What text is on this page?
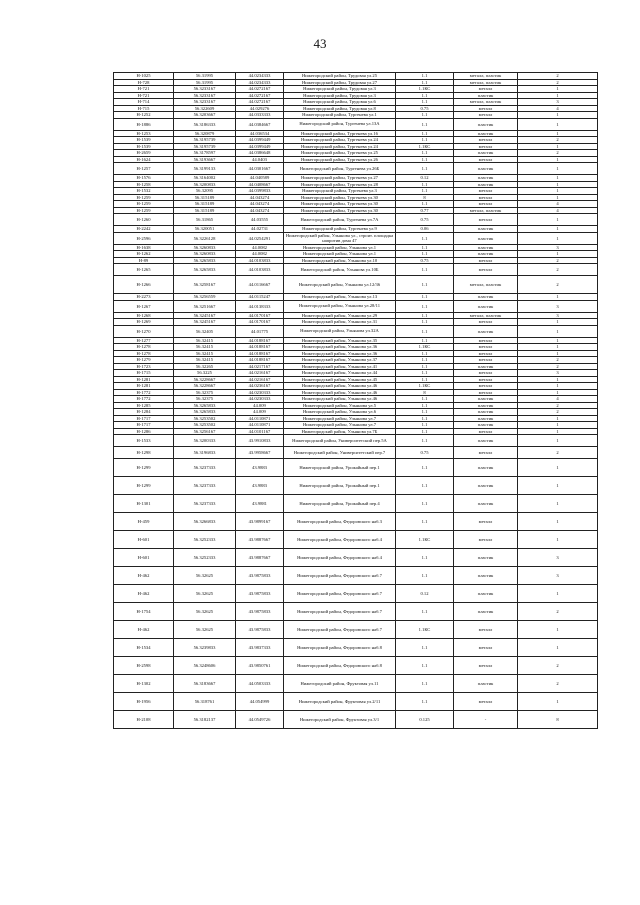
43
H-1025	56.31995	44.0234333	Нижегородский район, Трудовая ул.25	1.1	металл, пластик	2
H-728	56.31995	44.0234333	Нижегородский район, Трудовая ул.27	1.1	металл, пластик	2
H-721	56.3233167	44.0272167	Нижегородский район, Трудовая ул.3	1.1КС	металл	1
H-721	56.3233167	44.0272167	Нижегородский район, Трудовая ул.3	1.1	пластик	1
H-714	56.3233167	44.0272167	Нижегородский район, Трудовая ул.6	1.1	металл, пластик	3
H-715	56.322609	44.029276	Нижегородский район, Трудовая ул.8	0.75	металл	4
H-1252	56.3203667	44.0333333	Нижегородский район, Тургенева ул.1	1.1	металл	1
H-1886	56.3186333	44.0384667	Нижегородский район, Тургенева ул.13А	1.1	пластик	1
H-1253	56.320879	44.036534	Нижегородский район, Тургенева ул.16	1.1	пластик	1
H-1539	56.3195739	44.0399449	Нижегородский район, Тургенева ул.24	1.1	металл	2
H-1539	56.3195739	44.0399449	Нижегородский район, Тургенева ул.24	1.1КС	металл	1
H-2659	56.3178597	44.0386648	Нижегородский район, Тургенева ул.25	1.1	пластик	2
H-1624	56.3193667	44.0403	Нижегородский район, Тургенева ул.26	1.1	металл	1
H-1257	56.3199133	44.0301667	Нижегородский район, Тургенева ул.26Б	1.1	пластик	1
H-1576	56.3164002	44.040589	Нижегородский район, Тургенева ул.27	0.12	пластик	1
H-1258	56.3200833	44.0408667	Нижегородский район, Тургенева ул.28	1.1	пластик	1
H-1532	56.32095	44.0399833	Нижегородский район, Тургенева ул.3	1.1	металл	1
H-1259	56.315189	44.043274	Нижегородский район, Тургенева ул.30	8	металл	1
H-1259	56.315189	44.043274	Нижегородский район, Тургенева ул.30	1.1	металл	4
H-1259	56.315189	44.043274	Нижегородский район, Тургенева ул.30	0.77	металл, пластик	4
H-1260	56.31865	44.03555	Нижегородский район, Тургенева ул.7А	0.75	металл	1
H-2242	56.320051	44.02731	Нижегородский район, Тургенева ул.9	0.06	пластик	1
H-2596	56.3226128	44.0254291	Нижегородский район, Ульянова ул., строит. площадка напротив дома 47	1.1	пластик	1
H-1638	56.3260833	44.0082	Нижегородский район, Ульянова ул.1	1.1	пластик	3
H-1262	56.3260833	44.0082	Нижегородский район, Ульянова ул.1	1.1	пластик	1
H-89	56.3265833	44.0103833	Нижегородский район, Ульянова ул.10	0.75	металл	2
H-1265	56.3265833	44.0103833	Нижегородский район, Ульянова ул.10Б	1.1	металл	2
H-1266	56.3258167	44.0116667	Нижегородский район, Ульянова ул.12/36	1.1	металл, пластик	2
H-2273	56.3256559	44.0115247	Нижегородский район, Ульянова ул.13	1.1	пластик	1
H-1267	56.3251667	44.0138333	Нижегородский район, Ульянова ул.28/11	1.1	пластик	3
H-1268	56.3245167	44.0170167	Нижегородский район, Ульянова ул.29	1.1	металл, пластик	3
H-1269	56.3245167	44.0170167	Нижегородский район, Ульянова ул.31	1.1	металл	1
H-1270	56.32405	44.01775	Нижегородский район, Ульянова ул.32А	1.1	пластик	1
H-1277	56.32415	44.0188167	Нижегородский район, Ульянова ул.35	1.1	металл	1
H-1278	56.32415	44.0188167	Нижегородский район, Ульянова ул.36	1.1КС	металл	1
H-1278	56.32415	44.0188167	Нижегородский район, Ульянова ул.36	1.1	металл	1
H-1279	56.32415	44.0188167	Нижегородский район, Ульянова ул.37	1.1	металл	2
H-1723	56.32265	44.0217167	Нижегородский район, Ульянова ул.41	1.1	пластик	2
H-1715	56.3225	44.0216167	Нижегородский район, Ульянова ул.44	1.1	металл	3
H-1281	56.3228667	44.0216167	Нижегородский район, Ульянова ул.45	1.1	металл	1
H-1281	56.3228667	44.0236167	Нижегородский район, Ульянова ул.46	1.1КС	металл	1
H-1772	56.32375	44.0230333	Нижегородский район, Ульянова ул.46	8	металл	1
H-1772	56.32375	44.0230333	Нижегородский район, Ульянова ул.46	1.1	пластик	4
H-1285	56.3265833	44.009	Нижегородский район, Ульянова ул.5	1.1	пластик	2
H-1284	56.3265833	44.009	Нижегородский район, Ульянова ул.6	1.1	пластик	2
H-1717	56.3253502	44.0110871	Нижегородский район, Ульянова ул.7	1.1	пластик	1
H-1717	56.3253502	44.0110871	Нижегородский район, Ульянова ул.7	1.1	пластик	1
H-1286	56.3256167	44.0101167	Нижегородский район, Ульянова ул.7Б	1.1	металл	1
H-1533	56.3200333	43.9910833	Нижегородский район, Университетский пер.5А	1.1	пластик	1
H-1298	56.3196833	43.9958667	Нижегородский район, Университетский пер.7	0.75	металл	2
H-1299	56.3237333	43.9883	Нижегородский район, Урожайный пер.1	1.1	пластик	1
H-1299	56.3237333	43.9883	Нижегородский район, Урожайный пер.1	1.1	пластик	1
H-1301	56.3237333	43.9881	Нижегородский район, Урожайный пер.4	1.1	пластик	1
H-459	56.3266833	43.9899167	Нижегородский район, Федоровского наб.3	1.1	металл	1
H-601	56.3252333	43.9887667	Нижегородский район, Федоровского наб.4	1.1КС	металл	1
H-601	56.3252333	43.9887667	Нижегородский район, Федоровского наб.4	1.1	пластик	3
H-462	56.32625	43.9875833	Нижегородский район, Федоровского наб.7	1.1	пластик	3
H-462	56.32625	43.9875833	Нижегородский район, Федоровского наб.7	0.12	пластик	1
H-1754	56.32625	43.9875833	Нижегородский район, Федоровского наб.7	1.1	пластик	2
H-462	56.32625	43.9875833	Нижегородский район, Федоровского наб.7	1.1КС	металл	1
H-1534	56.3239833	43.9837333	Нижегородский район, Федоровского наб.8	1.1	металл	1
H-2598	56.3248606	43.9850761	Нижегородский район, Федоровского наб.8	1.1	металл	2
H-1302	56.3183667	44.0503333	Нижегородский район, Фруктовая ул.11	1.1	пластик	2
H-1956	56.318761	44.054999	Нижегородский район, Фруктовая ул.2/11	1.1	металл	1
H-2108	56.3182137	44.0549726	Нижегородский район, Фруктовая ул.3/1	0.125	-	8
